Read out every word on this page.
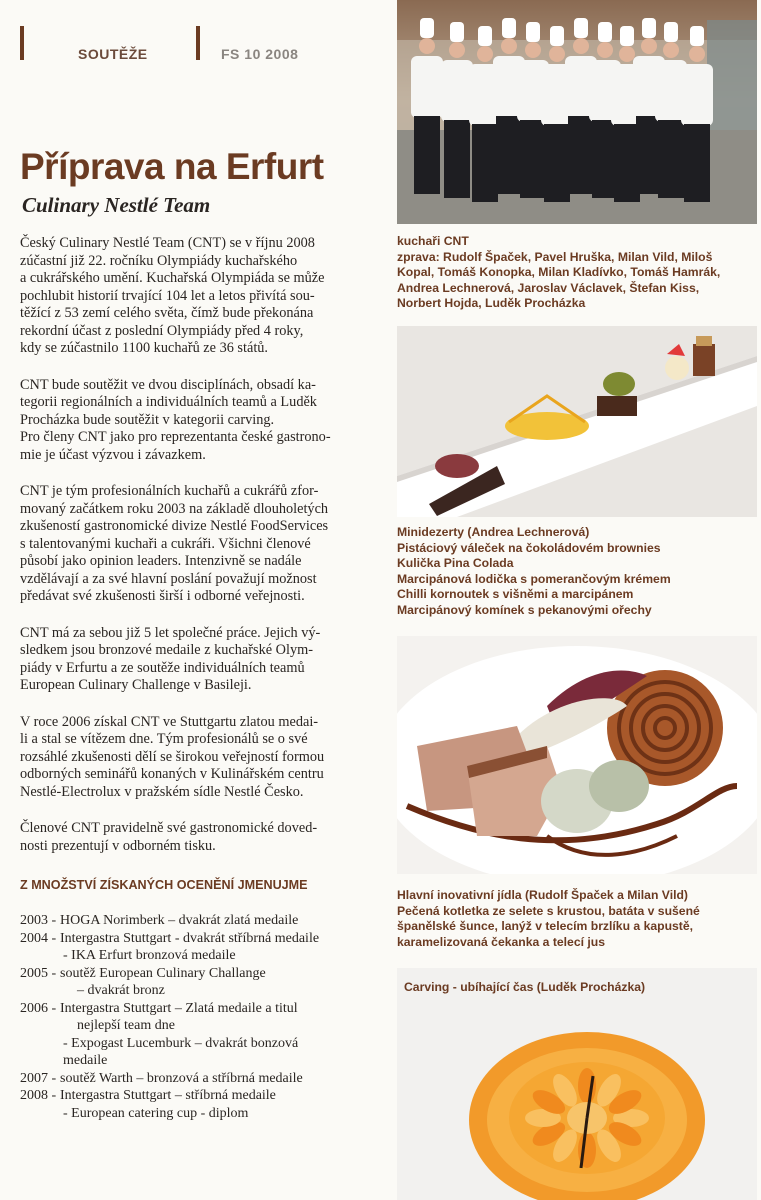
SOUTĚŽE	FS 10 2008
Příprava na Erfurt
Culinary Nestlé Team

Český Culinary Nestlé Team (CNT) se v říjnu 2008
zúčastní již 22. ročníku Olympiády kuchařského
a cukrářského umění. Kuchařská Olympiáda se může
pochlubit historií trvající 104 let a letos přivítá sou-
těžící z 53 zemí celého světa, čímž bude překonána
rekordní účast z poslední Olympiády před 4 roky,
kdy se zúčastnilo 1100 kuchařů ze 36 států.

CNT bude soutěžit ve dvou disciplínách, obsadí ka-
tegorii regionálních a individuálních teamů a Luděk
Procházka bude soutěžit v kategorii carving.
Pro členy CNT jako pro reprezentanta české gastrono-
mie je účast výzvou i závazkem.

CNT je tým profesionálních kuchařů a cukrářů zfor-
movaný začátkem roku 2003 na základě dlouholetých
zkušeností gastronomické divize Nestlé FoodServices
s talentovanými kuchaři a cukráři. Všichni členové
působí jako opinion leaders. Intenzivně se nadále
vzdělávají a za své hlavní poslání považují možnost
předávat své zkušenosti širší i odborné veřejnosti.

CNT má za sebou již 5 let společné práce. Jejich vý-
sledkem jsou bronzové medaile z kuchařské Olym-
piády v Erfurtu a ze soutěže individuálních teamů
European Culinary Challenge v Basileji.

V roce 2006 získal CNT ve Stuttgartu zlatou medai-
li a stal se vítězem dne. Tým profesionálů se o své
rozsáhlé zkušenosti dělí se širokou veřejností formou
odborných seminářů konaných v Kulinářském centru
Nestlé-Electrolux v pražském sídle Nestlé Česko.

Členové CNT pravidelně své gastronomické doved-
nosti prezentují v odborném tisku.

Z MNOŽSTVÍ ZÍSKANÝCH OCENĚNÍ JMENUJME
2003 - HOGA Norimberk – dvakrát zlatá medaile
2004 - Intergastra Stuttgart - dvakrát stříbrná medaile
- IKA Erfurt bronzová medaile
2005 - soutěž European Culinary Challange
– dvakrát bronz
2006 - Intergastra Stuttgart – Zlatá medaile a titul
nejlepší team dne
- Expogast Lucemburk – dvakrát bonzová
medaile
2007 - soutěž Warth – bronzová a stříbrná medaile
2008 - Intergastra Stuttgart – stříbrná medaile
- European catering cup - diplom
kuchaři CNT
zprava: Rudolf Špaček, Pavel Hruška, Milan Vild, Miloš
Kopal, Tomáš Konopka, Milan Kladívko, Tomáš Hamrák,
Andrea Lechnerová, Jaroslav Václavek, Štefan Kiss,
Norbert Hojda, Luděk Procházka
Minidezerty (Andrea Lechnerová)
Pistáciový váleček na čokoládovém brownies
Kulička Pina Colada
Marcipánová lodička s pomerančovým krémem
Chilli kornoutek s višněmi a marcipánem
Marcipánový komínek s pekanovými ořechy
Hlavní inovativní jídla (Rudolf Špaček a Milan Vild)
Pečená kotletka ze selete s krustou, batáta v sušené
španělské šunce, lanýž v telecím brzlíku a kapustě,
karamelizovaná čekanka a telecí jus
Carving - ubíhající čas (Luděk Procházka)
